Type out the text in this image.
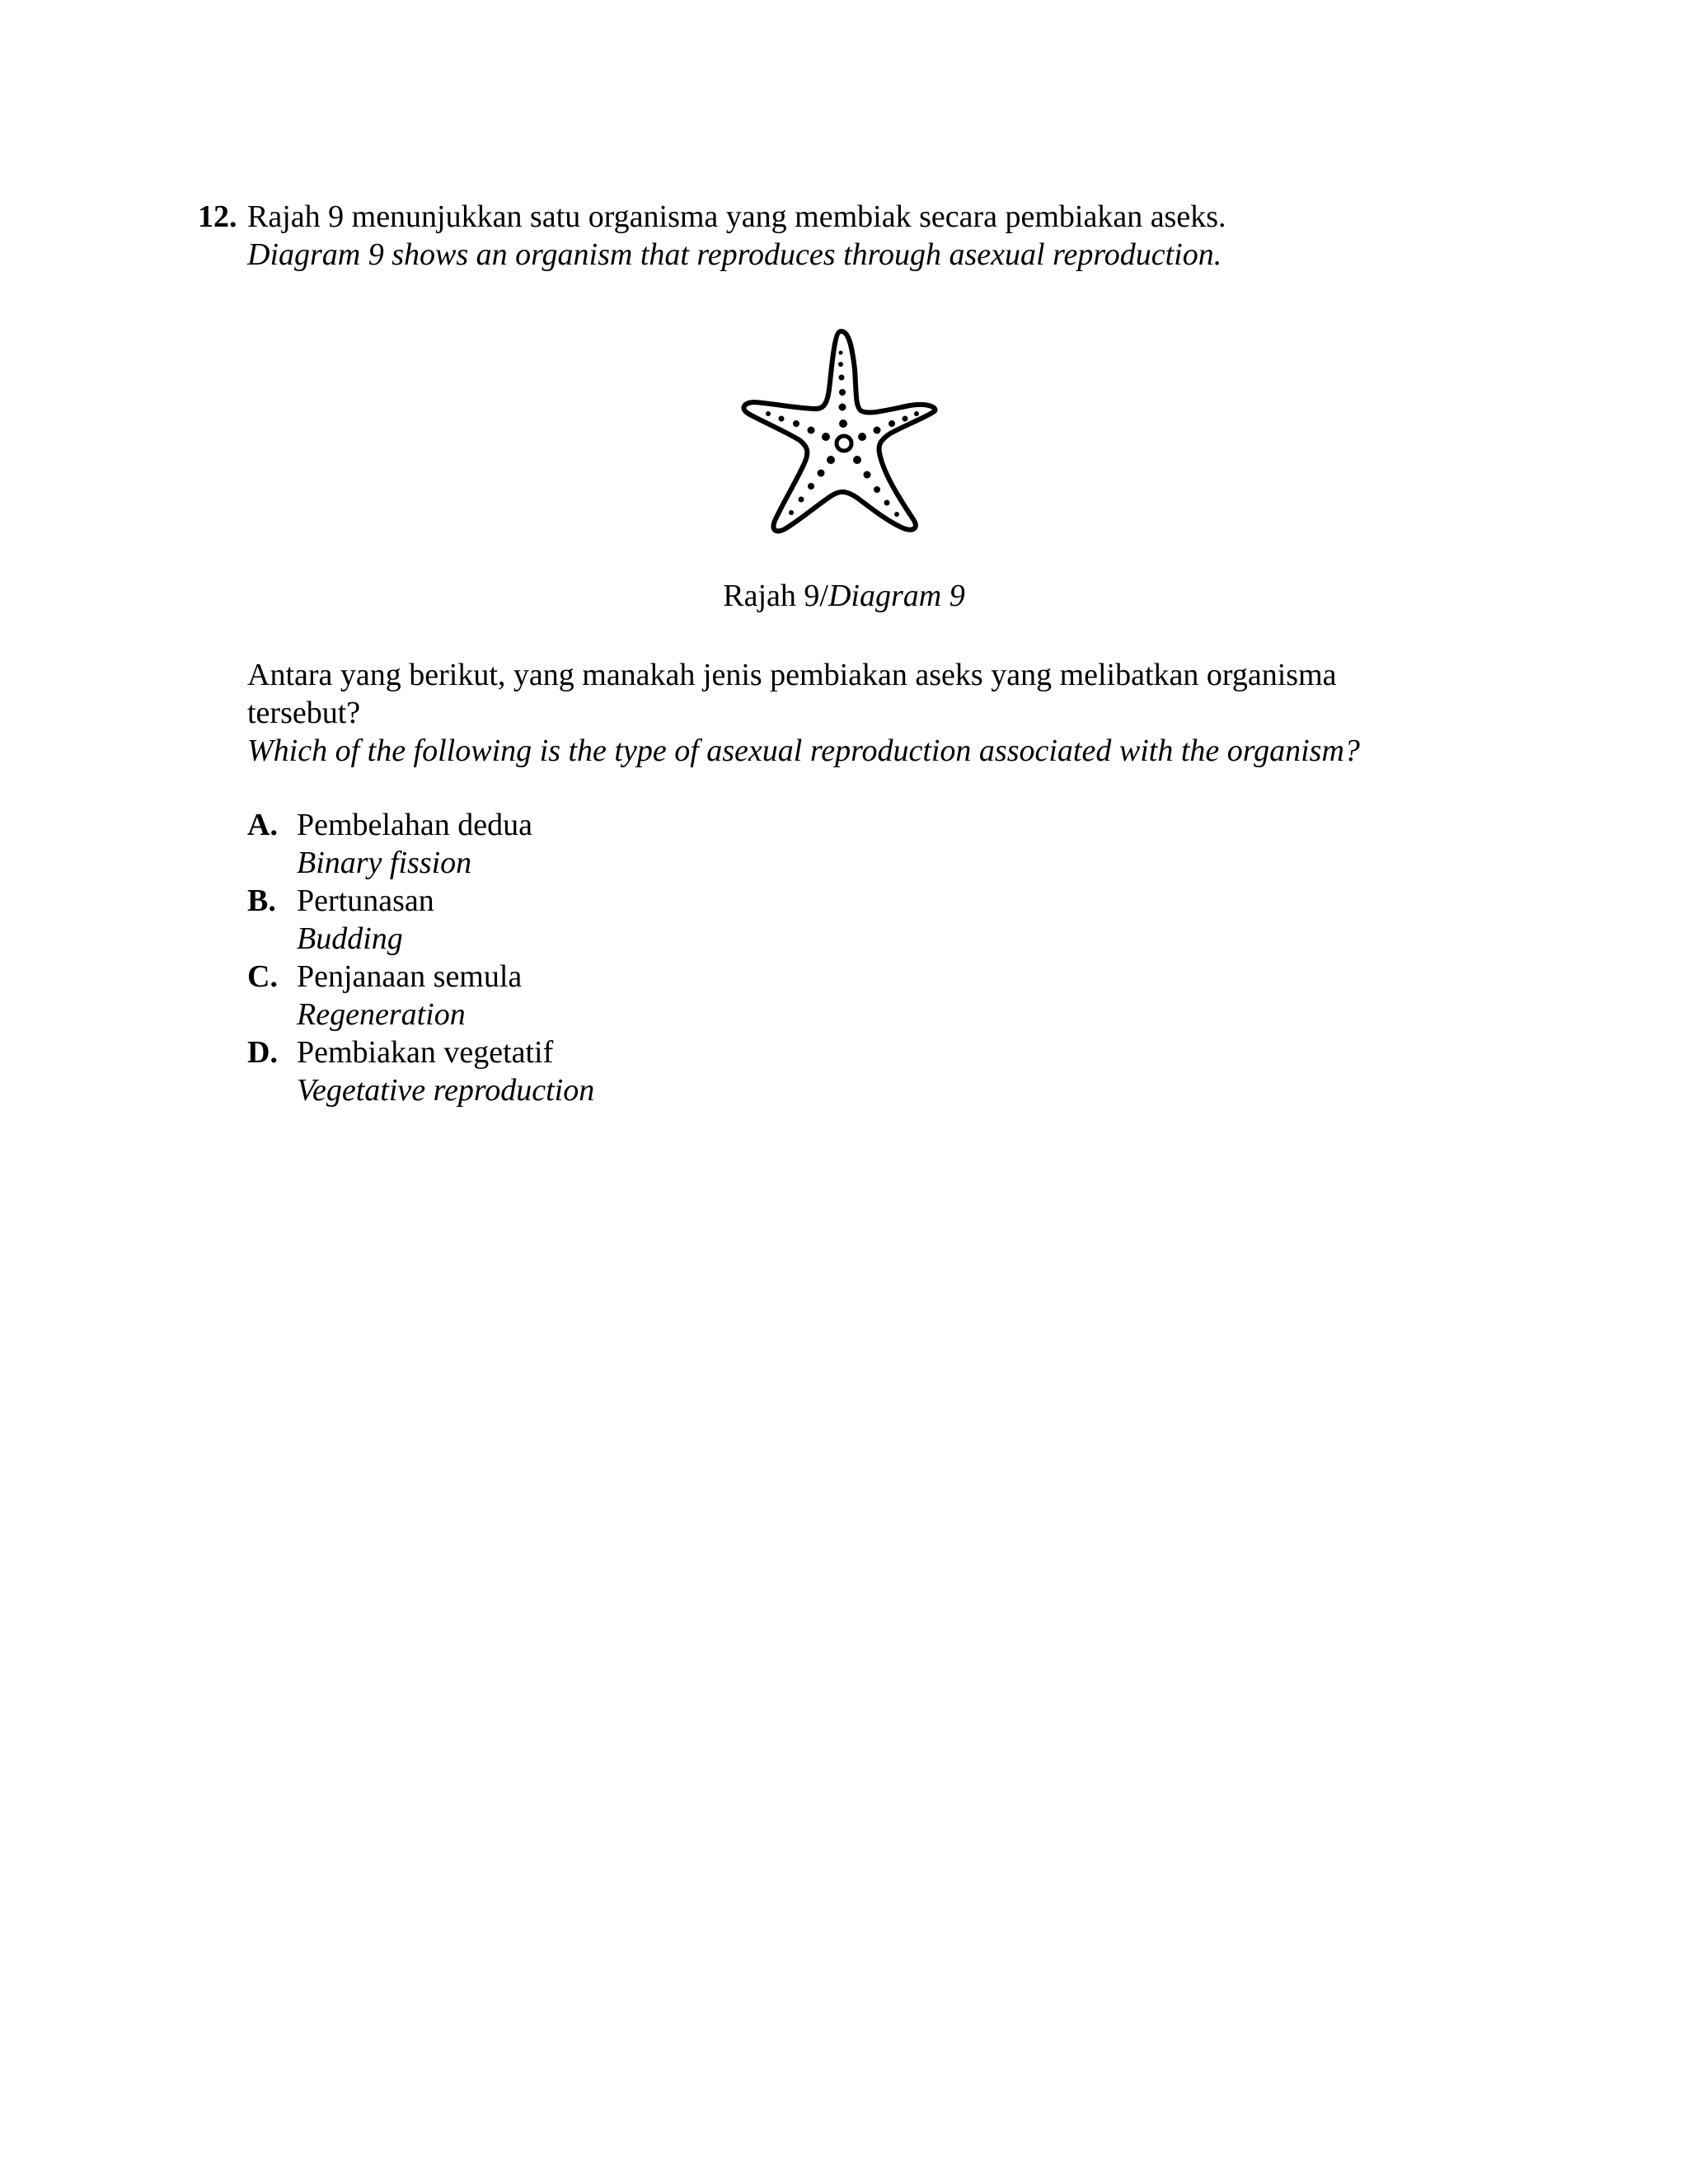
12. Rajah 9 menunjukkan satu organisma yang membiak secara pembiakan aseks.
Diagram 9 shows an organism that reproduces through asexual reproduction.
Rajah 9/Diagram 9
Antara yang berikut, yang manakah jenis pembiakan aseks yang melibatkan organisma
tersebut?
Which of the following is the type of asexual reproduction associated with the organism?
A. Pembelahan dedua
Binary fission
B. Pertunasan
Budding
C. Penjanaan semula
Regeneration
D. Pembiakan vegetatif
Vegetative reproduction
